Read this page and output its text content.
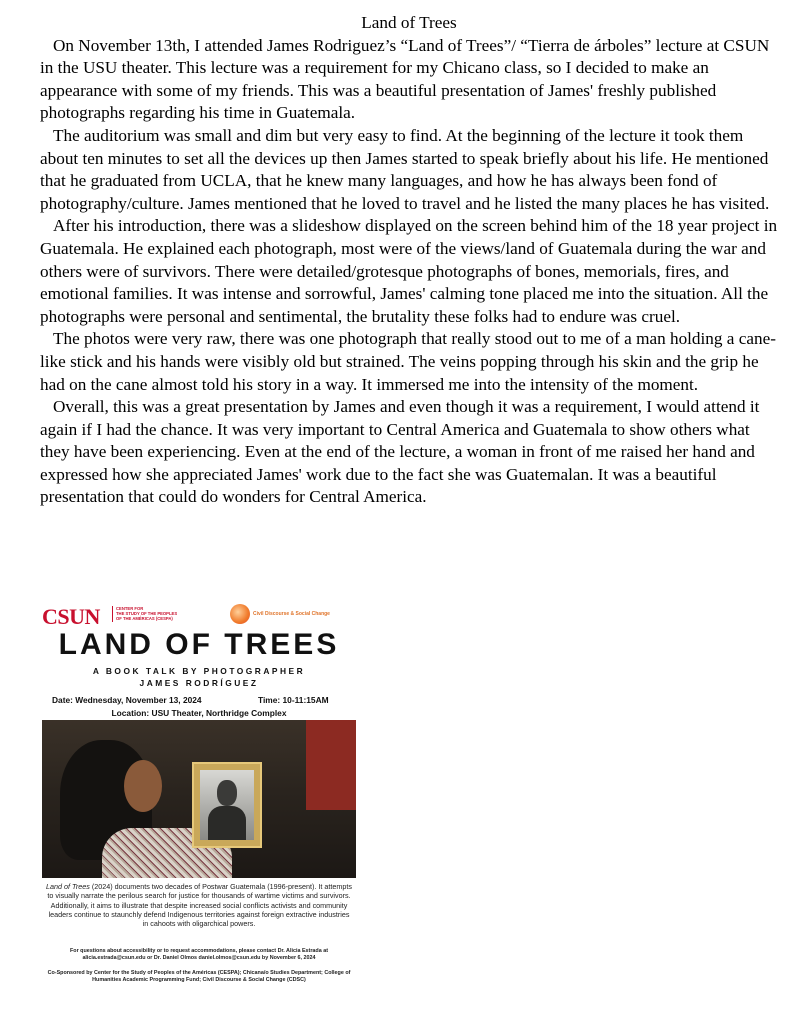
Land of Trees

On November 13th, I attended James Rodriguez’s “Land of Trees”/ “Tierra de árboles” lecture at CSUN in the USU theater. This lecture was a requirement for my Chicano class, so I decided to make an appearance with some of my friends. This was a beautiful presentation of James' freshly published photographs regarding his time in Guatemala.

The auditorium was small and dim but very easy to find. At the beginning of the lecture it took them about ten minutes to set all the devices up then James started to speak briefly about his life. He mentioned that he graduated from UCLA, that he knew many languages, and how he has always been fond of photography/culture. James mentioned that he loved to travel and he listed the many places he has visited.

After his introduction, there was a slideshow displayed on the screen behind him of the 18 year project in Guatemala. He explained each photograph, most were of the views/land of Guatemala during the war and others were of survivors. There were detailed/grotesque photographs of bones, memorials, fires, and emotional families. It was intense and sorrowful, James' calming tone placed me into the situation. All the photographs were personal and sentimental, the brutality these folks had to endure was cruel.

The photos were very raw, there was one photograph that really stood out to me of a man holding a cane-like stick and his hands were visibly old but strained. The veins popping through his skin and the grip he had on the cane almost told his story in a way. It immersed me into the intensity of the moment.

Overall, this was a great presentation by James and even though it was a requirement, I would attend it again if I had the chance. It was very important to Central America and Guatemala to show others what they have been experiencing. Even at the end of the lecture, a woman in front of me raised her hand and expressed how she appreciated James' work due to the fact she was Guatemalan. It was a beautiful presentation that could do wonders for Central America.

CSUN	CENTER FOR
THE STUDY OF THE PEOPLES
OF THE AMÉRICAS (CESPA)
Civil Discourse & Social Change
LAND OF TREES
A BOOK TALK BY PHOTOGRAPHER
JAMES RODRÍGUEZ
Date: Wednesday, November 13, 2024	Time: 10-11:15AM
Location: USU Theater, Northridge Complex
Land of Trees (2024) documents two decades of Postwar Guatemala (1996-present). It attempts to visually narrate the perilous search for justice for thousands of wartime victims and survivors. Additionally, it aims to illustrate that despite increased social conflicts activists and community leaders continue to staunchly defend Indigenous territories against foreign extractive industries in cahoots with oligarchical powers.
For questions about accessibility or to request accommodations, please contact Dr. Alicia Estrada at alicia.estrada@csun.edu or Dr. Daniel Olmos daniel.olmos@csun.edu by November 6, 2024
Co-Sponsored by Center for the Study of Peoples of the Américas (CESPA); Chicana/o Studies Department; College of Humanities Academic Programming Fund; Civil Discourse & Social Change (CDSC)
